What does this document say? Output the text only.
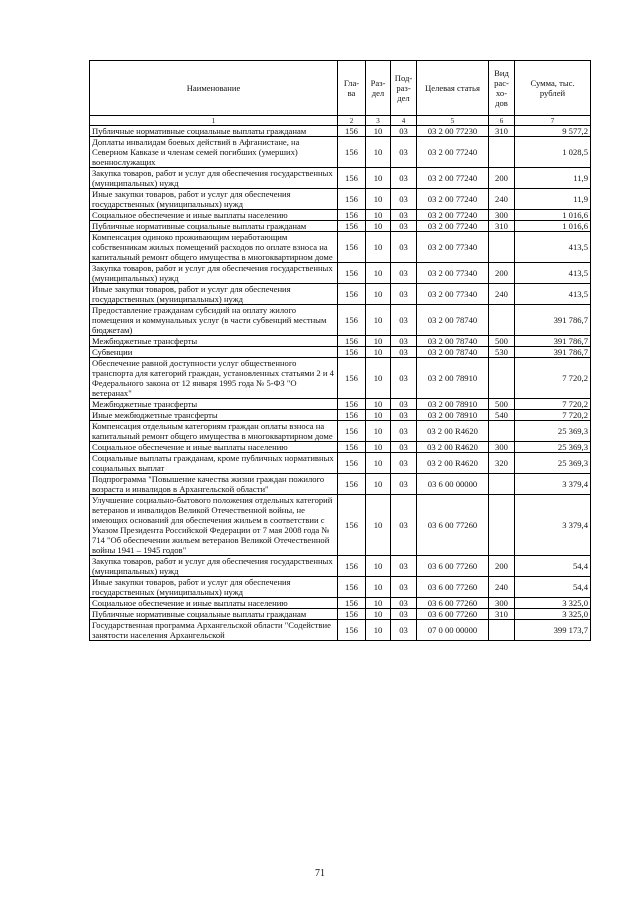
Наименование	Гла-ва	Раз-дел	Под-раз-дел	Целевая статья	Вид рас-хо-дов	Сумма, тыс. рублей
1	2	3	4	5	6	7
Публичные нормативные социальные выплаты гражданам	156	10	03	03 2 00 77230	310	9 577,2
Доплаты инвалидам боевых действий в Афганистане, на Северном Кавказе и членам семей погибших (умерших) военнослужащих	156	10	03	03 2 00 77240		1 028,5
Закупка товаров, работ и услуг для обеспечения государственных (муниципальных) нужд	156	10	03	03 2 00 77240	200	11,9
Иные закупки товаров, работ и услуг для обеспечения государственных (муниципальных) нужд	156	10	03	03 2 00 77240	240	11,9
Социальное обеспечение и иные выплаты населению	156	10	03	03 2 00 77240	300	1 016,6
Публичные нормативные социальные выплаты гражданам	156	10	03	03 2 00 77240	310	1 016,6
Компенсация одиноко проживающим неработающим собственникам жилых помещений расходов по оплате взноса на капитальный ремонт общего имущества в многоквартирном доме	156	10	03	03 2 00 77340		413,5
Закупка товаров, работ и услуг для обеспечения государственных (муниципальных) нужд	156	10	03	03 2 00 77340	200	413,5
Иные закупки товаров, работ и услуг для обеспечения государственных (муниципальных) нужд	156	10	03	03 2 00 77340	240	413,5
Предоставление гражданам субсидий на оплату жилого помещения и коммунальных услуг (в части субвенций местным бюджетам)	156	10	03	03 2 00 78740		391 786,7
Межбюджетные трансферты	156	10	03	03 2 00 78740	500	391 786,7
Субвенции	156	10	03	03 2 00 78740	530	391 786,7
Обеспечение равной доступности услуг общественного транспорта для категорий граждан, установленных статьями 2 и 4 Федерального закона от 12 января 1995 года № 5-ФЗ "О ветеранах"	156	10	03	03 2 00 78910		7 720,2
Межбюджетные трансферты	156	10	03	03 2 00 78910	500	7 720,2
Иные межбюджетные трансферты	156	10	03	03 2 00 78910	540	7 720,2
Компенсация отдельным категориям граждан оплаты взноса на капитальный ремонт общего имущества в многоквартирном доме	156	10	03	03 2 00 R4620		25 369,3
Социальное обеспечение и иные выплаты населению	156	10	03	03 2 00 R4620	300	25 369,3
Социальные выплаты гражданам, кроме публичных нормативных социальных выплат	156	10	03	03 2 00 R4620	320	25 369,3
Подпрограмма "Повышение качества жизни граждан пожилого возраста и инвалидов в Архангельской области"	156	10	03	03 6 00 00000		3 379,4
Улучшение социально-бытового положения отдельных категорий ветеранов и инвалидов Великой Отечественной войны, не имеющих оснований для обеспечения жильем в соответствии с Указом Президента Российской Федерации от 7 мая 2008 года № 714 "Об обеспечении жильем ветеранов Великой Отечественной войны 1941 – 1945 годов"	156	10	03	03 6 00 77260		3 379,4
Закупка товаров, работ и услуг для обеспечения государственных (муниципальных) нужд	156	10	03	03 6 00 77260	200	54,4
Иные закупки товаров, работ и услуг для обеспечения государственных (муниципальных) нужд	156	10	03	03 6 00 77260	240	54,4
Социальное обеспечение и иные выплаты населению	156	10	03	03 6 00 77260	300	3 325,0
Публичные нормативные социальные выплаты гражданам	156	10	03	03 6 00 77260	310	3 325,0
Государственная программа Архангельской области "Содействие занятости населения Архангельской	156	10	03	07 0 00 00000		399 173,7
71
